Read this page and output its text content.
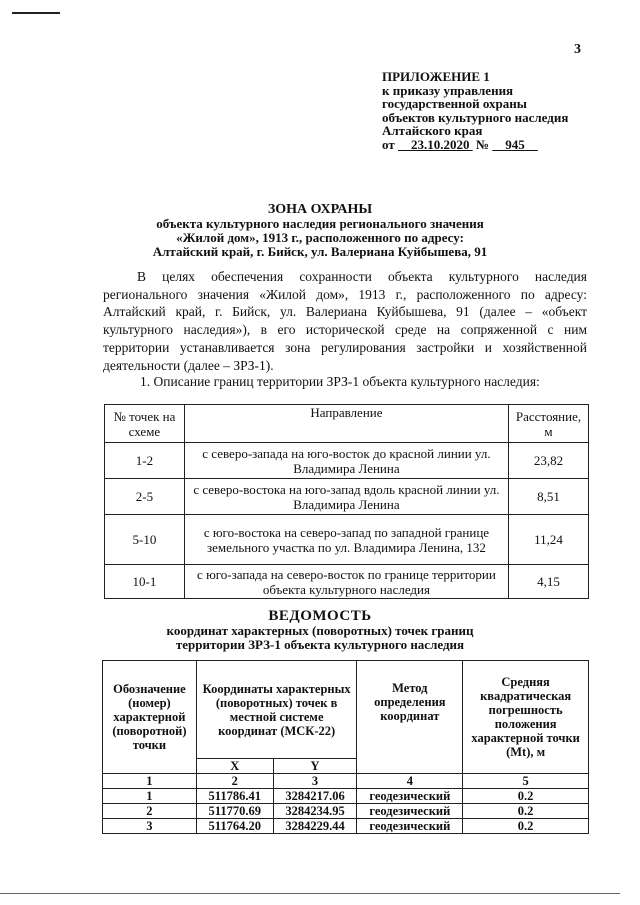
3
ПРИЛОЖЕНИЕ 1
к приказу управления
государственной охраны
объектов культурного наследия
Алтайского края
от 23.10.2020 № 945
ЗОНА ОХРАНЫ
объекта культурного наследия регионального значения
«Жилой дом», 1913 г., расположенного по адресу:
Алтайский край, г. Бийск, ул. Валериана Куйбышева, 91

В целях обеспечения сохранности объекта культурного наследия регионального значения «Жилой дом», 1913 г., расположенного по адресу: Алтайский край, г. Бийск, ул. Валериана Куйбышева, 91 (далее – «объект культурного наследия»), в его исторической среде на сопряженной с ним территории устанавливается зона регулирования застройки и хозяйственной деятельности (далее – ЗРЗ-1).

1. Описание границ территории ЗРЗ-1 объекта культурного наследия:
№ точек на схеме	Направление	Расстояние, м
1-2	с северо-запада на юго-восток до красной линии ул. Владимира Ленина	23,82
2-5	с северо-востока на юго-запад вдоль красной линии ул. Владимира Ленина	8,51
5-10	с юго-востока на северо-запад по западной границе земельного участка по ул. Владимира Ленина, 132	11,24
10-1	с юго-запада на северо-восток по границе территории объекта культурного наследия	4,15
ВЕДОМОСТЬ
координат характерных (поворотных) точек границ
территории ЗРЗ-1 объекта культурного наследия
Обозначение (номер) характерной (поворотной) точки	Координаты характерных (поворотных) точек в местной системе координат (МСК-22)		Метод определения координат	Средняя квадратическая погрешность положения характерной точки (Mt), м
	X	Y		
1	2	3	4	5
1	511786.41	3284217.06	геодезический	0.2
2	511770.69	3284234.95	геодезический	0.2
3	511764.20	3284229.44	геодезический	0.2
